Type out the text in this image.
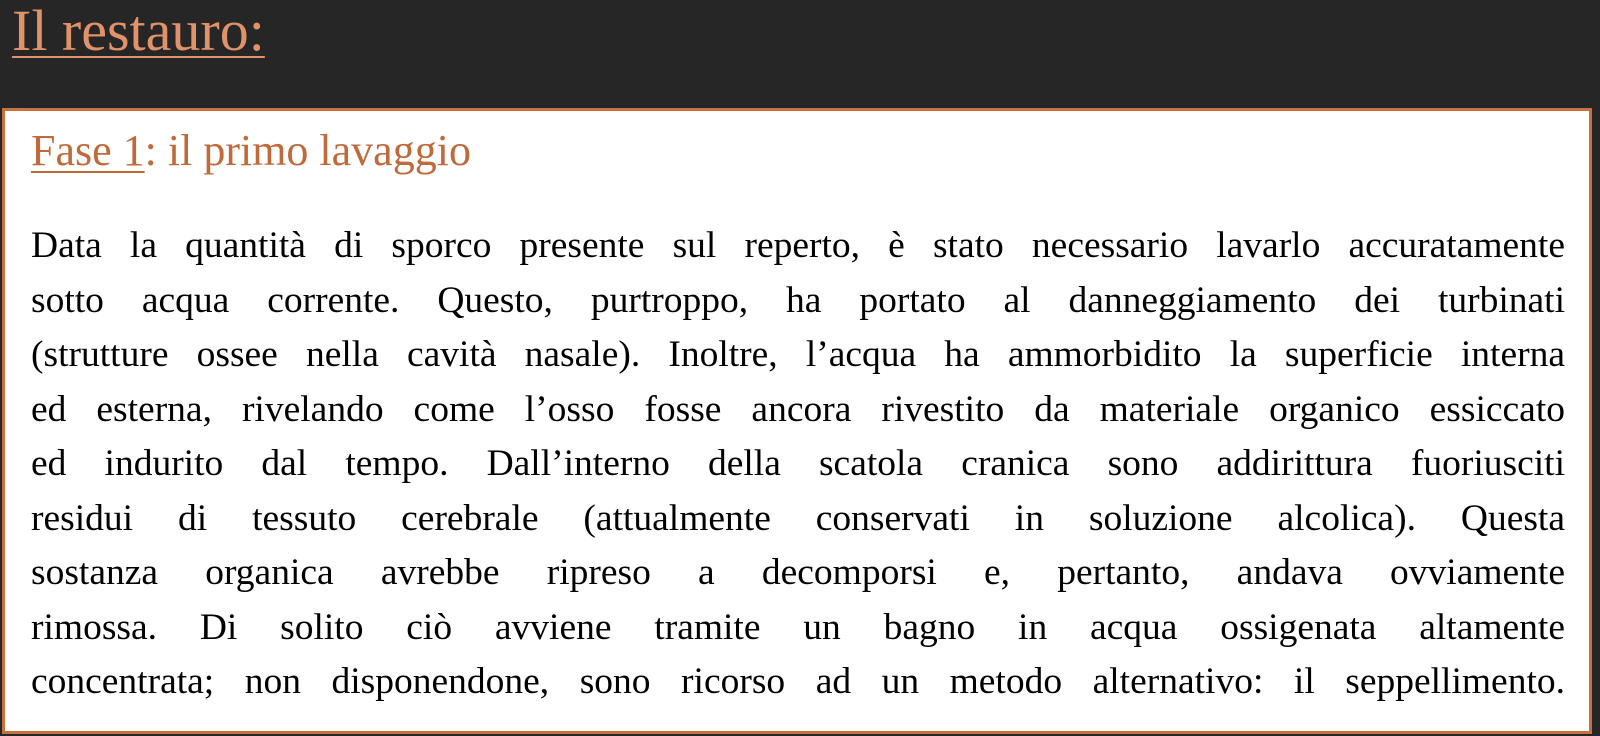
Il restauro:
Fase 1: il primo lavaggio
Data la quantità di sporco presente sul reperto, è stato necessario lavarlo accuratamente
sotto acqua corrente. Questo, purtroppo, ha portato al danneggiamento dei turbinati
(strutture ossee nella cavità nasale). Inoltre, l’acqua ha ammorbidito la superficie interna
ed esterna, rivelando come l’osso fosse ancora rivestito da materiale organico essiccato
ed indurito dal tempo. Dall’interno della scatola cranica sono addirittura fuoriusciti
residui di tessuto cerebrale (attualmente conservati in soluzione alcolica). Questa
sostanza organica avrebbe ripreso a decomporsi e, pertanto, andava ovviamente
rimossa. Di solito ciò avviene tramite un bagno in acqua ossigenata altamente
concentrata; non disponendone, sono ricorso ad un metodo alternativo: il seppellimento.
